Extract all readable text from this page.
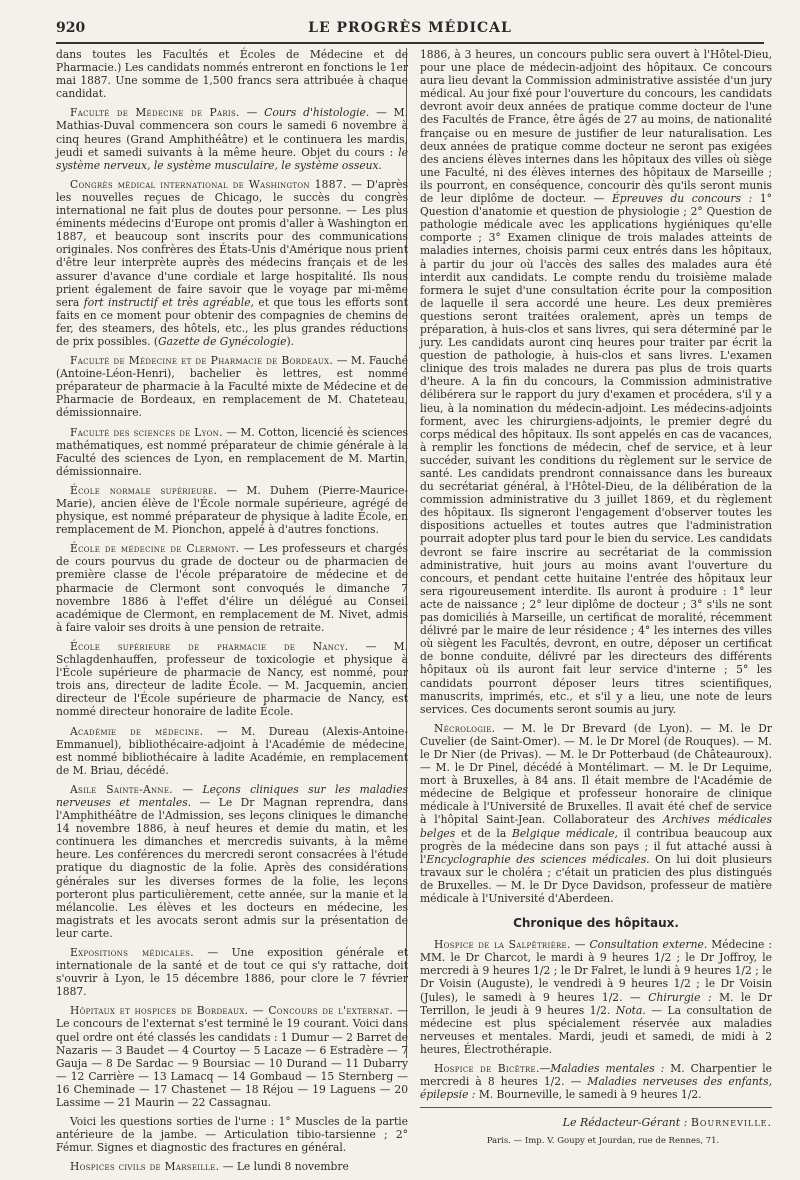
920	LE PROGRÈS MÉDICAL

dans toutes les Facultés et Écoles de Médecine et de Pharmacie.) Les candidats nommés entreront en fonctions le 1er mai 1887. Une somme de 1,500 francs sera attribuée à chaque candidat.

Faculté de Médecine de Paris. — Cours d'histologie. — M. Mathias-Duval commencera son cours le samedi 6 novembre à cinq heures (Grand Amphithéâtre) et le continuera les mardis, jeudi et samedi suivants à la même heure. Objet du cours : le système nerveux, le système musculaire, le système osseux.

Congrès médical international de Washington 1887. — D'après les nouvelles reçues de Chicago, le succès du congrès international ne fait plus de doutes pour personne. — Les plus éminents médecins d'Europe ont promis d'aller à Washington en 1887, et beaucoup sont inscrits pour des communications originales. Nos confrères des États-Unis d'Amérique nous prient d'être leur interprète auprès des médecins français et de les assurer d'avance d'une cordiale et large hospitalité. Ils nous prient également de faire savoir que le voyage par mi-même sera fort instructif et très agréable, et que tous les efforts sont faits en ce moment pour obtenir des compagnies de chemins de fer, des steamers, des hôtels, etc., les plus grandes réductions de prix possibles. (Gazette de Gynécologie).

Faculté de Médecine et de Pharmacie de Bordeaux. — M. Fauché (Antoine-Léon-Henri), bachelier ès lettres, est nommé préparateur de pharmacie à la Faculté mixte de Médecine et de Pharmacie de Bordeaux, en remplacement de M. Chateteau, démissionnaire.

Faculté des sciences de Lyon. — M. Cotton, licencié ès sciences mathématiques, est nommé préparateur de chimie générale à la Faculté des sciences de Lyon, en remplacement de M. Martin, démissionnaire.

École normale supérieure. — M. Duhem (Pierre-Maurice-Marie), ancien élève de l'École normale supérieure, agrégé de physique, est nommé préparateur de physique à ladite École, en remplacement de M. Pionchon, appelé à d'autres fonctions.

École de médecine de Clermont. — Les professeurs et chargés de cours pourvus du grade de docteur ou de pharmacien de première classe de l'école préparatoire de médecine et de pharmacie de Clermont sont convoqués le dimanche 7 novembre 1886 à l'effet d'élire un délégué au Conseil académique de Clermont, en remplacement de M. Nivet, admis à faire valoir ses droits à une pension de retraite.

École supérieure de pharmacie de Nancy. — M. Schlagdenhauffen, professeur de toxicologie et physique à l'École supérieure de pharmacie de Nancy, est nommé, pour trois ans, directeur de ladite École. — M. Jacquemin, ancien directeur de l'École supérieure de pharmacie de Nancy, est nommé directeur honoraire de ladite École.

Académie de médecine. — M. Dureau (Alexis-Antoine-Emmanuel), bibliothécaire-adjoint à l'Académie de médecine, est nommé bibliothécaire à ladite Académie, en remplacement de M. Briau, décédé.

Asile Sainte-Anne. — Leçons cliniques sur les maladies nerveuses et mentales. — Le Dr Magnan reprendra, dans l'Amphithéâtre de l'Admission, ses leçons cliniques le dimanche 14 novembre 1886, à neuf heures et demie du matin, et les continuera les dimanches et mercredis suivants, à la même heure. Les conférences du mercredi seront consacrées à l'étude pratique du diagnostic de la folie. Après des considérations générales sur les diverses formes de la folie, les leçons porteront plus particulièrement, cette année, sur la manie et la mélancolie. Les élèves et les docteurs en médecine, les magistrats et les avocats seront admis sur la présentation de leur carte.

Expositions médicales. — Une exposition générale et internationale de la santé et de tout ce qui s'y rattache, doit s'ouvrir à Lyon, le 15 décembre 1886, pour clore le 7 février 1887.

Hôpitaux et hospices de Bordeaux. — Concours de l'externat. — Le concours de l'externat s'est terminé le 19 courant. Voici dans quel ordre ont été classés les candidats : 1 Dumur — 2 Barret de Nazaris — 3 Baudet — 4 Courtoy — 5 Lacaze — 6 Estradère — 7 Gauja — 8 De Sardac — 9 Boursiac — 10 Durand — 11 Dubarry — 12 Carrière — 13 Lamacq — 14 Gombaud — 15 Sternberg — 16 Cheminade — 17 Chastenet — 18 Réjou — 19 Laguens — 20 Lassime — 21 Maurin — 22 Cassagnau.

Voici les questions sorties de l'urne : 1° Muscles de la partie antérieure de la jambe. — Articulation tibio-tarsienne ; 2° Fémur. Signes et diagnostic des fractures en général.

Hospices civils de Marseille. — Le lundi 8 novembre

1886, à 3 heures, un concours public sera ouvert à l'Hôtel-Dieu, pour une place de médecin-adjoint des hôpitaux. Ce concours aura lieu devant la Commission administrative assistée d'un jury médical. Au jour fixé pour l'ouverture du concours, les candidats devront avoir deux années de pratique comme docteur de l'une des Facultés de France, être âgés de 27 au moins, de nationalité française ou en mesure de justifier de leur naturalisation. Les deux années de pratique comme docteur ne seront pas exigées des anciens élèves internes dans les hôpitaux des villes où siège une Faculté, ni des élèves internes des hôpitaux de Marseille ; ils pourront, en conséquence, concourir dès qu'ils seront munis de leur diplôme de docteur. — Épreuves du concours : 1° Question d'anatomie et question de physiologie ; 2° Question de pathologie médicale avec les applications hygiéniques qu'elle comporte ; 3° Examen clinique de trois malades atteints de maladies internes, choisis parmi ceux entrés dans les hôpitaux, à partir du jour où l'accès des salles des malades aura été interdit aux candidats. Le compte rendu du troisième malade formera le sujet d'une consultation écrite pour la composition de laquelle il sera accordé une heure. Les deux premières questions seront traitées oralement, après un temps de préparation, à huis-clos et sans livres, qui sera déterminé par le jury. Les candidats auront cinq heures pour traiter par écrit la question de pathologie, à huis-clos et sans livres. L'examen clinique des trois malades ne durera pas plus de trois quarts d'heure. A la fin du concours, la Commission administrative délibérera sur le rapport du jury d'examen et procédera, s'il y a lieu, à la nomination du médecin-adjoint. Les médecins-adjoints forment, avec les chirurgiens-adjoints, le premier degré du corps médical des hôpitaux. Ils sont appelés en cas de vacances, à remplir les fonctions de médecin, chef de service, et à leur succéder, suivant les conditions du règlement sur le service de santé. Les candidats prendront connaissance dans les bureaux du secrétariat général, à l'Hôtel-Dieu, de la délibération de la commission administrative du 3 juillet 1869, et du règlement des hôpitaux. Ils signeront l'engagement d'observer toutes les dispositions actuelles et toutes autres que l'administration pourrait adopter plus tard pour le bien du service. Les candidats devront se faire inscrire au secrétariat de la commission administrative, huit jours au moins avant l'ouverture du concours, et pendant cette huitaine l'entrée des hôpitaux leur sera rigoureusement interdite. Ils auront à produire : 1° leur acte de naissance ; 2° leur diplôme de docteur ; 3° s'ils ne sont pas domiciliés à Marseille, un certificat de moralité, récemment délivré par le maire de leur résidence ; 4° les internes des villes où siègent les Facultés, devront, en outre, déposer un certificat de bonne conduite, délivré par les directeurs des différents hôpitaux où ils auront fait leur service d'interne ; 5° les candidats pourront déposer leurs titres scientifiques, manuscrits, imprimés, etc., et s'il y a lieu, une note de leurs services. Ces documents seront soumis au jury.

Nécrologie. — M. le Dr Brevard (de Lyon). — M. le Dr Cuvelier (de Saint-Omer). — M. le Dr Morel (de Rouques). — M. le Dr Nier (de Privas). — M. le Dr Potterbaud (de Châteauroux). — M. le Dr Pinel, décédé à Montélimart. — M. le Dr Lequime, mort à Bruxelles, à 84 ans. Il était membre de l'Académie de médecine de Belgique et professeur honoraire de clinique médicale à l'Université de Bruxelles. Il avait été chef de service à l'hôpital Saint-Jean. Collaborateur des Archives médicales belges et de la Belgique médicale, il contribua beaucoup aux progrès de la médecine dans son pays ; il fut attaché aussi à l'Encyclographie des sciences médicales. On lui doit plusieurs travaux sur le choléra ; c'était un praticien des plus distingués de Bruxelles. — M. le Dr Dyce Davidson, professeur de matière médicale à l'Université d'Aberdeen.

Chronique des hôpitaux.

Hospice de la Salpêtrière. — Consultation externe. Médecine : MM. le Dr Charcot, le mardi à 9 heures 1/2 ; le Dr Joffroy, le mercredi à 9 heures 1/2 ; le Dr Falret, le lundi à 9 heures 1/2 ; le Dr Voisin (Auguste), le vendredi à 9 heures 1/2 ; le Dr Voisin (Jules), le samedi à 9 heures 1/2. — Chirurgie : M. le Dr Terrillon, le jeudi à 9 heures 1/2. Nota. — La consultation de médecine est plus spécialement réservée aux maladies nerveuses et mentales. Mardi, jeudi et samedi, de midi à 2 heures, Électrothérapie.

Hospice de Bicêtre.—Maladies mentales : M. Charpentier le mercredi à 8 heures 1/2. — Maladies nerveuses des enfants, épilepsie : M. Bourneville, le samedi à 9 heures 1/2.

Le Rédacteur-Gérant : Bourneville.

Paris. — Imp. V. Goupy et Jourdan, rue de Rennes, 71.
